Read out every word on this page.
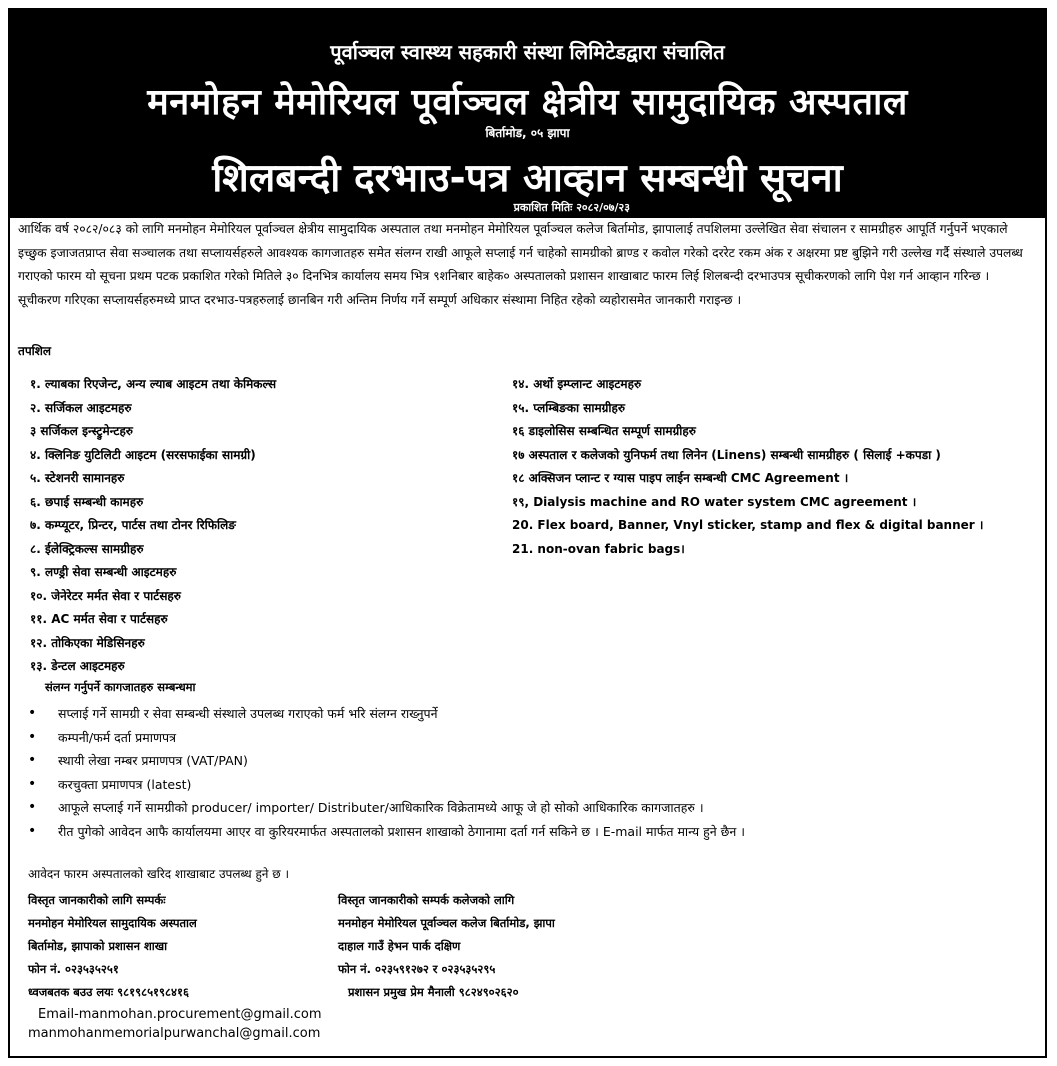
पूर्वाञ्चल स्वास्थ्य सहकारी संस्था लिमिटेडद्वारा संचालित
मनमोहन मेमोरियल पूर्वाञ्चल क्षेत्रीय सामुदायिक अस्पताल
बिर्तामोड, ०५ झापा
शिलबन्दी दरभाउ-पत्र आव्हान सम्बन्धी सूचना
प्रकाशित मितिः २०८२/०७/२३

आर्थिक वर्ष २०८२/०८३ को लागि मनमोहन मेमोरियल पूर्वाञ्चल क्षेत्रीय सामुदायिक अस्पताल तथा मनमोहन मेमोरियल पूर्वाञ्चल कलेज बिर्तामोड, झापालाई तपशिलमा उल्लेखित सेवा संचालन र सामग्रीहरु आपूर्ति गर्नुपर्ने भएकाले इच्छुक इजाजतप्राप्त सेवा सञ्चालक तथा सप्लायर्सहरुले आवश्यक कागजातहरु समेत संलग्न राखी आफूले सप्लाई गर्न चाहेको सामग्रीको ब्राण्ड र कवोल गरेको दररेट रकम अंक र अक्षरमा प्रष्ट बुझिने गरी उल्लेख गर्दै संस्थाले उपलब्ध गराएको फारम यो सूचना प्रथम पटक प्रकाशित गरेको मितिले ३० दिनभित्र कार्यालय समय भित्र ९शनिबार बाहेक० अस्पतालको प्रशासन शाखाबाट फारम लिई शिलबन्दी दरभाउपत्र सूचीकरणको लागि पेश गर्न आव्हान गरिन्छ ।

सूचीकरण गरिएका सप्लायर्सहरुमध्ये प्राप्त दरभाउ-पत्रहरुलाई छानबिन गरी अन्तिम निर्णय गर्ने सम्पूर्ण अधिकार संस्थामा निहित रहेको व्यहोरासमेत जानकारी गराइन्छ ।

तपशिल
१. ल्याबका रिएजेन्ट, अन्य ल्याब आइटम तथा केमिकल्स
२. सर्जिकल आइटमहरु
३ सर्जिकल इन्स्ट्रुमेन्टहरु
४. क्लिनिङ युटिलिटी आइटम (सरसफाईका सामग्री)
५. स्टेशनरी सामानहरु
६. छपाई सम्बन्धी कामहरु
७. कम्प्यूटर, प्रिन्टर, पार्टस तथा टोनर रिफिलिङ
८. ईलेक्ट्रिकल्स सामग्रीहरु
९. लण्ड्री सेवा सम्बन्धी आइटमहरु
१०. जेनेरेटर मर्मत सेवा र पार्टसहरु
११. AC मर्मत सेवा र पार्टसहरु
१२. तोकिएका मेडिसिनहरु
१३. डेन्टल आइटमहरु
१४. अर्थो इम्प्लान्ट आइटमहरु
१५. प्लम्बिङका सामग्रीहरु
१६ डाइलोसिस सम्बन्धित सम्पूर्ण सामग्रीहरु
१७ अस्पताल र कलेजको युनिफर्म तथा लिनेन (Linens) सम्बन्धी सामग्रीहरु ( सिलाई +कपडा )
१८ अक्सिजन प्लान्ट र ग्यास पाइप लाईन सम्बन्धी CMC Agreement ।
१९, Dialysis machine and RO water system CMC agreement ।
20. Flex board, Banner, Vnyl sticker, stamp and flex & digital banner ।
21. non-ovan fabric bags।
संलग्न गर्नुपर्ने कागजातहरु सम्बन्धमा
•	सप्लाई गर्ने सामग्री र सेवा सम्बन्धी संस्थाले उपलब्ध गराएको फर्म भरि संलग्न राख्नुपर्ने
•	कम्पनी/फर्म दर्ता प्रमाणपत्र
•	स्थायी लेखा नम्बर प्रमाणपत्र (VAT/PAN)
•	करचुक्ता प्रमाणपत्र (latest)
•	आफूले सप्लाई गर्ने सामग्रीको producer/ importer/ Distributer/आधिकारिक विक्रेतामध्ये आफू जे हो सोको आधिकारिक कागजातहरु ।
•	रीत पुगेको आवेदन आफै कार्यालयमा आएर वा कुरियरमार्फत अस्पतालको प्रशासन शाखाको ठेगानामा दर्ता गर्न सकिने छ । E-mail मार्फत मान्य हुने छैन ।
आवेदन फारम अस्पतालको खरिद शाखाबाट उपलब्ध हुने छ ।
विस्तृत जानकारीको लागि सम्पर्कः
मनमोहन मेमोरियल सामुदायिक अस्पताल
बिर्तामोड, झापाको प्रशासन शाखा
फोन नं. ०२३५३५२५१
ध्वजबतक बउउ लयः ९८१९८५१९८४१६
विस्तृत जानकारीको सम्पर्क कलेजको लागि
मनमोहन मेमोरियल पूर्वाञ्चल कलेज बिर्तामोड, झापा
दाहाल गाउँ हेभन पार्क दक्षिण
फोन नं. ०२३५९१२७२ र ०२३५३५२९५
प्रशासन प्रमुख प्रेम मैनाली ९८२४९०२६२०
Email-manmohan.procurement@gmail.com
manmohanmemorialpurwanchal@gmail.com
